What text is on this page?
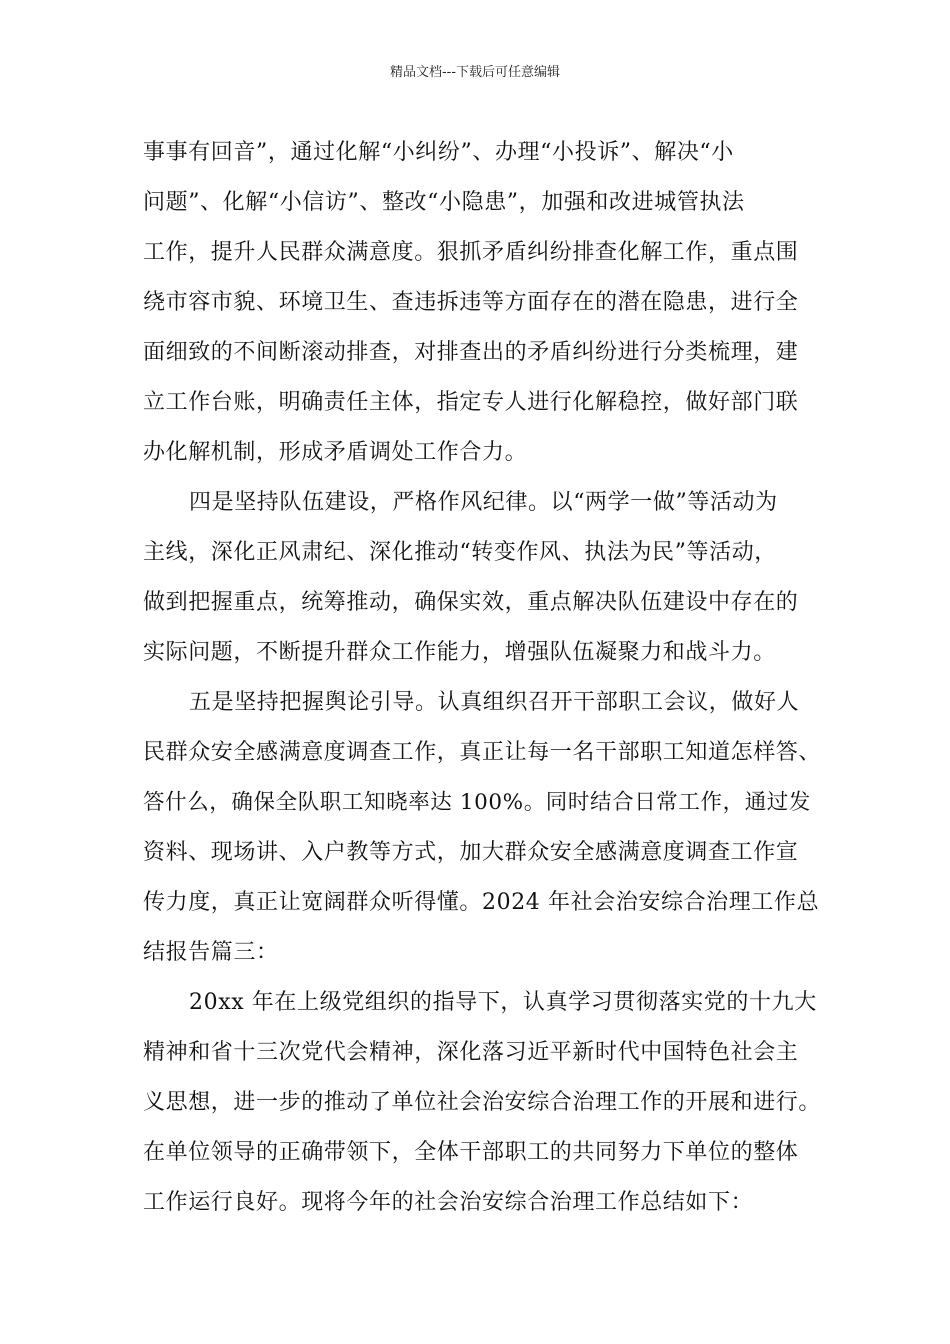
精品文档---下载后可任意编辑
事事有回音”，通过化解“小纠纷”、办理“小投诉”、解决“小
问题”、化解“小信访”、整改“小隐患”，加强和改进城管执法
工作，提升人民群众满意度。狠抓矛盾纠纷排查化解工作，重点围
绕市容市貌、环境卫生、查违拆违等方面存在的潜在隐患，进行全
面细致的不间断滚动排查，对排查出的矛盾纠纷进行分类梳理，建
立工作台账，明确责任主体，指定专人进行化解稳控，做好部门联
办化解机制，形成矛盾调处工作合力。
四是坚持队伍建设，严格作风纪律。以“两学一做”等活动为
主线，深化正风肃纪、深化推动“转变作风、执法为民”等活动，
做到把握重点，统筹推动，确保实效，重点解决队伍建设中存在的
实际问题，不断提升群众工作能力，增强队伍凝聚力和战斗力。
五是坚持把握舆论引导。认真组织召开干部职工会议，做好人
民群众安全感满意度调查工作，真正让每一名干部职工知道怎样答、
答什么，确保全队职工知晓率达 100%。同时结合日常工作，通过发
资料、现场讲、入户教等方式，加大群众安全感满意度调查工作宣
传力度，真正让宽阔群众听得懂。2024 年社会治安综合治理工作总
结报告篇三：
20xx 年在上级党组织的指导下，认真学习贯彻落实党的十九大
精神和省十三次党代会精神，深化落习近平新时代中国特色社会主
义思想，进一步的推动了单位社会治安综合治理工作的开展和进行。
在单位领导的正确带领下，全体干部职工的共同努力下单位的整体
工作运行良好。现将今年的社会治安综合治理工作总结如下：
